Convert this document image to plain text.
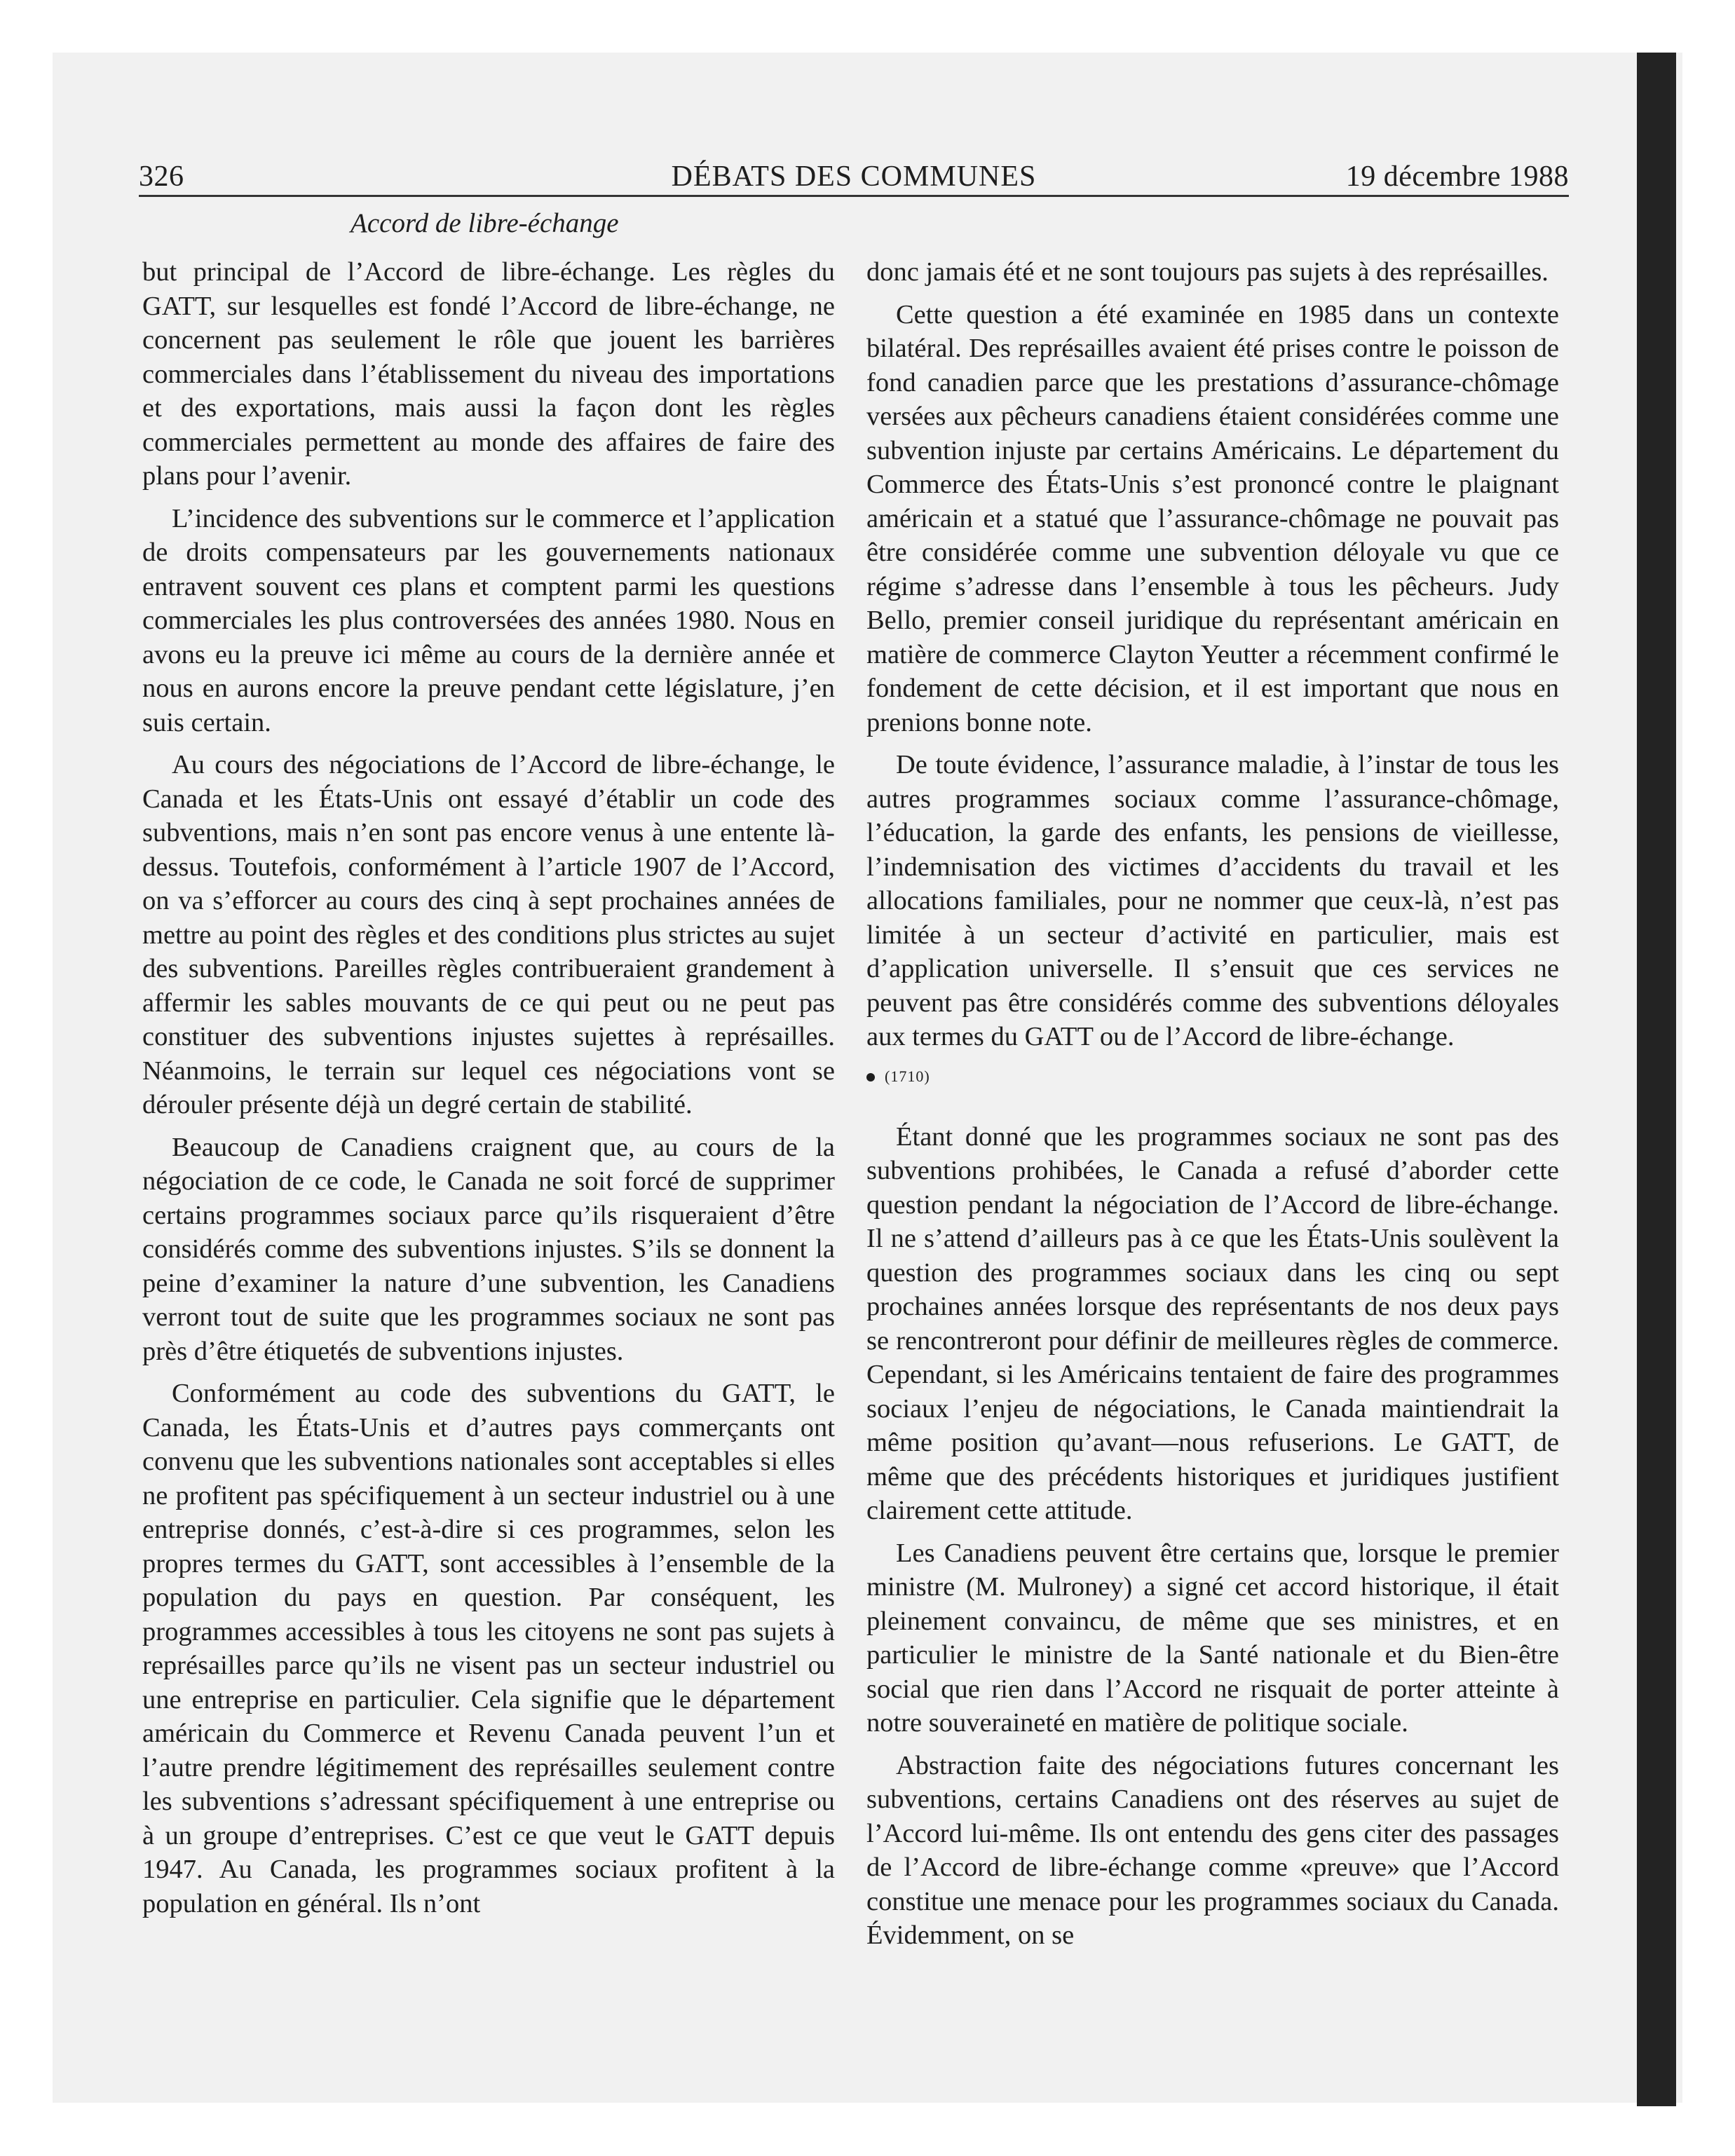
326	DÉBATS DES COMMUNES	19 décembre 1988
Accord de libre-échange

but principal de l’Accord de libre-échange. Les règles du GATT, sur lesquelles est fondé l’Accord de libre-échange, ne concernent pas seulement le rôle que jouent les barrières commerciales dans l’établissement du niveau des importations et des exportations, mais aussi la façon dont les règles commerciales permettent au monde des affaires de faire des plans pour l’avenir.

L’incidence des subventions sur le commerce et l’application de droits compensateurs par les gouvernements nationaux entravent souvent ces plans et comptent parmi les questions commerciales les plus controversées des années 1980. Nous en avons eu la preuve ici même au cours de la dernière année et nous en aurons encore la preuve pendant cette législature, j’en suis certain.

Au cours des négociations de l’Accord de libre-échange, le Canada et les États-Unis ont essayé d’établir un code des subventions, mais n’en sont pas encore venus à une entente là-dessus. Toutefois, conformément à l’article 1907 de l’Accord, on va s’efforcer au cours des cinq à sept prochaines années de mettre au point des règles et des conditions plus strictes au sujet des subventions. Pareilles règles contribueraient grandement à affermir les sables mouvants de ce qui peut ou ne peut pas constituer des subventions injustes sujettes à représailles. Néanmoins, le terrain sur lequel ces négociations vont se dérouler présente déjà un degré certain de stabilité.

Beaucoup de Canadiens craignent que, au cours de la négociation de ce code, le Canada ne soit forcé de supprimer certains programmes sociaux parce qu’ils risqueraient d’être considérés comme des subventions injustes. S’ils se donnent la peine d’examiner la nature d’une subvention, les Canadiens verront tout de suite que les programmes sociaux ne sont pas près d’être étiquetés de subventions injustes.

Conformément au code des subventions du GATT, le Canada, les États-Unis et d’autres pays commerçants ont convenu que les subventions nationales sont acceptables si elles ne profitent pas spécifiquement à un secteur industriel ou à une entreprise donnés, c’est-à-dire si ces programmes, selon les propres termes du GATT, sont accessibles à l’ensemble de la population du pays en question. Par conséquent, les programmes accessibles à tous les citoyens ne sont pas sujets à représailles parce qu’ils ne visent pas un secteur industriel ou une entreprise en particulier. Cela signifie que le département américain du Commerce et Revenu Canada peuvent l’un et l’autre prendre légitimement des représailles seulement contre les subventions s’adressant spécifiquement à une entreprise ou à un groupe d’entreprises. C’est ce que veut le GATT depuis 1947. Au Canada, les programmes sociaux profitent à la population en général. Ils n’ont

donc jamais été et ne sont toujours pas sujets à des représailles.

Cette question a été examinée en 1985 dans un contexte bilatéral. Des représailles avaient été prises contre le poisson de fond canadien parce que les prestations d’assurance-chômage versées aux pêcheurs canadiens étaient considérées comme une subvention injuste par certains Américains. Le département du Commerce des États-Unis s’est prononcé contre le plaignant américain et a statué que l’assurance-chômage ne pouvait pas être considérée comme une subvention déloyale vu que ce régime s’adresse dans l’ensemble à tous les pêcheurs. Judy Bello, premier conseil juridique du représentant américain en matière de commerce Clayton Yeutter a récemment confirmé le fondement de cette décision, et il est important que nous en prenions bonne note.

De toute évidence, l’assurance maladie, à l’instar de tous les autres programmes sociaux comme l’assurance-chômage, l’éducation, la garde des enfants, les pensions de vieillesse, l’indemnisation des victimes d’accidents du travail et les allocations familiales, pour ne nommer que ceux-là, n’est pas limitée à un secteur d’activité en particulier, mais est d’application universelle. Il s’ensuit que ces services ne peuvent pas être considérés comme des subventions déloyales aux termes du GATT ou de l’Accord de libre-échange.

(1710)

Étant donné que les programmes sociaux ne sont pas des subventions prohibées, le Canada a refusé d’aborder cette question pendant la négociation de l’Accord de libre-échange. Il ne s’attend d’ailleurs pas à ce que les États-Unis soulèvent la question des programmes sociaux dans les cinq ou sept prochaines années lorsque des représentants de nos deux pays se rencontreront pour définir de meilleures règles de commerce. Cependant, si les Américains tentaient de faire des programmes sociaux l’enjeu de négociations, le Canada maintiendrait la même position qu’avant—nous refuserions. Le GATT, de même que des précédents historiques et juridiques justifient clairement cette attitude.

Les Canadiens peuvent être certains que, lorsque le premier ministre (M. Mulroney) a signé cet accord historique, il était pleinement convaincu, de même que ses ministres, et en particulier le ministre de la Santé nationale et du Bien-être social que rien dans l’Accord ne risquait de porter atteinte à notre souveraineté en matière de politique sociale.

Abstraction faite des négociations futures concernant les subventions, certains Canadiens ont des réserves au sujet de l’Accord lui-même. Ils ont entendu des gens citer des passages de l’Accord de libre-échange comme «preuve» que l’Accord constitue une menace pour les programmes sociaux du Canada. Évidemment, on se
